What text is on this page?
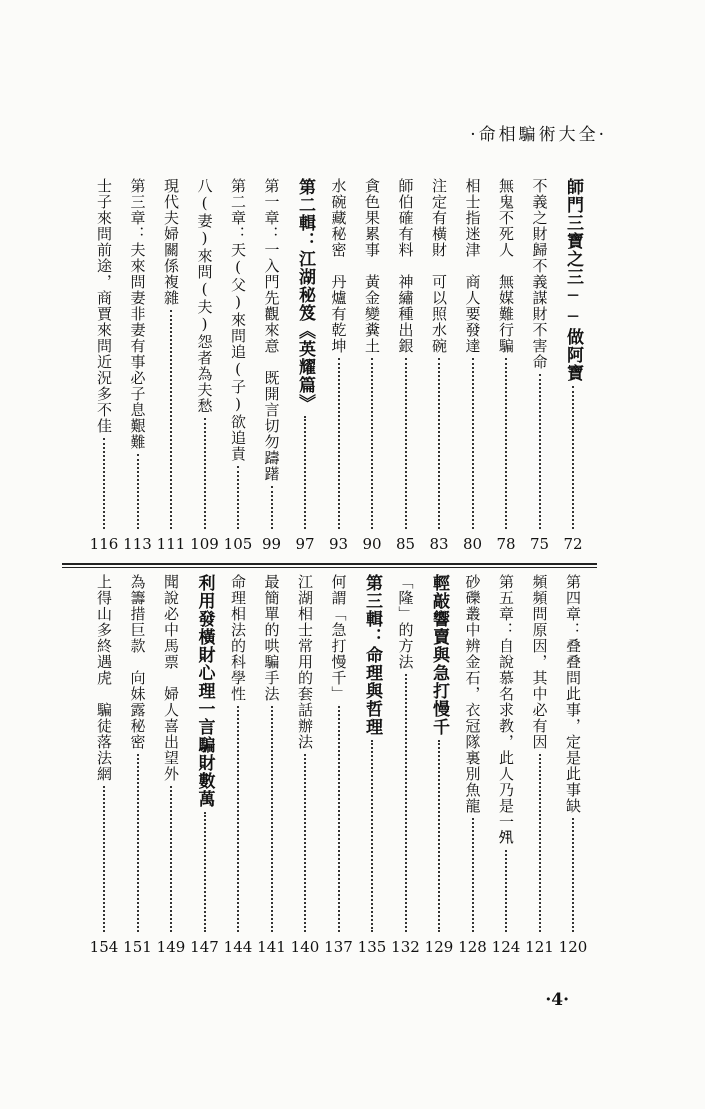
·命相騙術大全·
師門三寶之三──做阿寶
72
不義之財歸不義謀財不害命
75
無鬼不死人　無媒難行騙
78
相士指迷津　商人要發達
80
注定有橫財　可以照水碗
83
師伯確有料　神繡種出銀
85
貪色果累事　黃金變糞土
90
水碗藏秘密　丹爐有乾坤
93
第二輯：江湖秘笈《英耀篇》
97
第一章：一入門先觀來意　既開言切勿躊躇
99
第二章：天(父)來問追(子)欲追責
105
八(妻)來問(夫)怨者為夫愁
109
現代夫婦關係複雜
111
第三章：夫來問妻非妻有事必子息艱難
113
士子來問前途，商賈來問近況多不佳
116
第四章：叠叠問此事，定是此事缺
120
頻頻問原因，其中必有因
121
第五章：自說慕名求教，此人乃是一𡖊
124
砂礫叢中辨金石，衣冠隊裏別魚龍
128
輕敲響賣與急打慢千
129
「隆」的方法
132
第三輯：命理與哲理
135
何謂「急打慢千」
137
江湖相士常用的套話辦法
140
最簡單的哄騙手法
141
命理相法的科學性
144
利用發橫財心理一言騙財數萬
147
聞說必中馬票　婦人喜出望外
149
為籌措巨款　向妹露秘密
151
上得山多終遇虎　騙徒落法網
154
·4·
